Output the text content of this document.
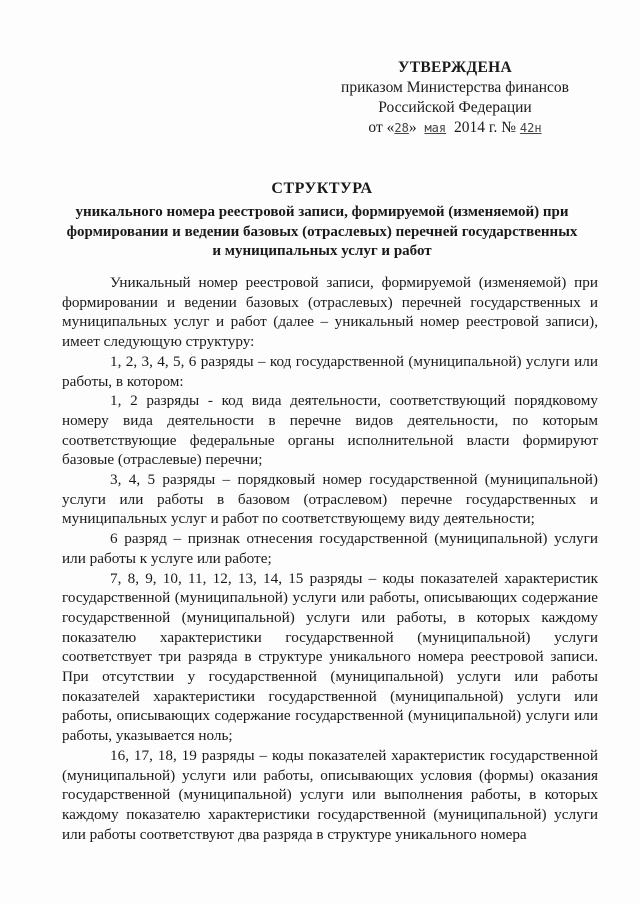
УТВЕРЖДЕНА
приказом Министерства финансов
Российской Федерации
от «28» мая 2014 г. № 42н
СТРУКТУРА
уникального номера реестровой записи, формируемой (изменяемой) при формировании и ведении базовых (отраслевых) перечней государственных и муниципальных услуг и работ

Уникальный номер реестровой записи, формируемой (изменяемой) при формировании и ведении базовых (отраслевых) перечней государственных и муниципальных услуг и работ (далее – уникальный номер реестровой записи), имеет следующую структуру:

1, 2, 3, 4, 5, 6 разряды – код государственной (муниципальной) услуги или работы, в котором:

1, 2 разряды - код вида деятельности, соответствующий порядковому номеру вида деятельности в перечне видов деятельности, по которым соответствующие федеральные органы исполнительной власти формируют базовые (отраслевые) перечни;

3, 4, 5 разряды – порядковый номер государственной (муниципальной) услуги или работы в базовом (отраслевом) перечне государственных и муниципальных услуг и работ по соответствующему виду деятельности;

6 разряд – признак отнесения государственной (муниципальной) услуги или работы к услуге или работе;

7, 8, 9, 10, 11, 12, 13, 14, 15 разряды – коды показателей характеристик государственной (муниципальной) услуги или работы, описывающих содержание государственной (муниципальной) услуги или работы, в которых каждому показателю характеристики государственной (муниципальной) услуги соответствует три разряда в структуре уникального номера реестровой записи. При отсутствии у государственной (муниципальной) услуги или работы показателей характеристики государственной (муниципальной) услуги или работы, описывающих содержание государственной (муниципальной) услуги или работы, указывается ноль;

16, 17, 18, 19 разряды – коды показателей характеристик государственной (муниципальной) услуги или работы, описывающих условия (формы) оказания государственной (муниципальной) услуги или выполнения работы, в которых каждому показателю характеристики государственной (муниципальной) услуги или работы соответствуют два разряда в структуре уникального номера
